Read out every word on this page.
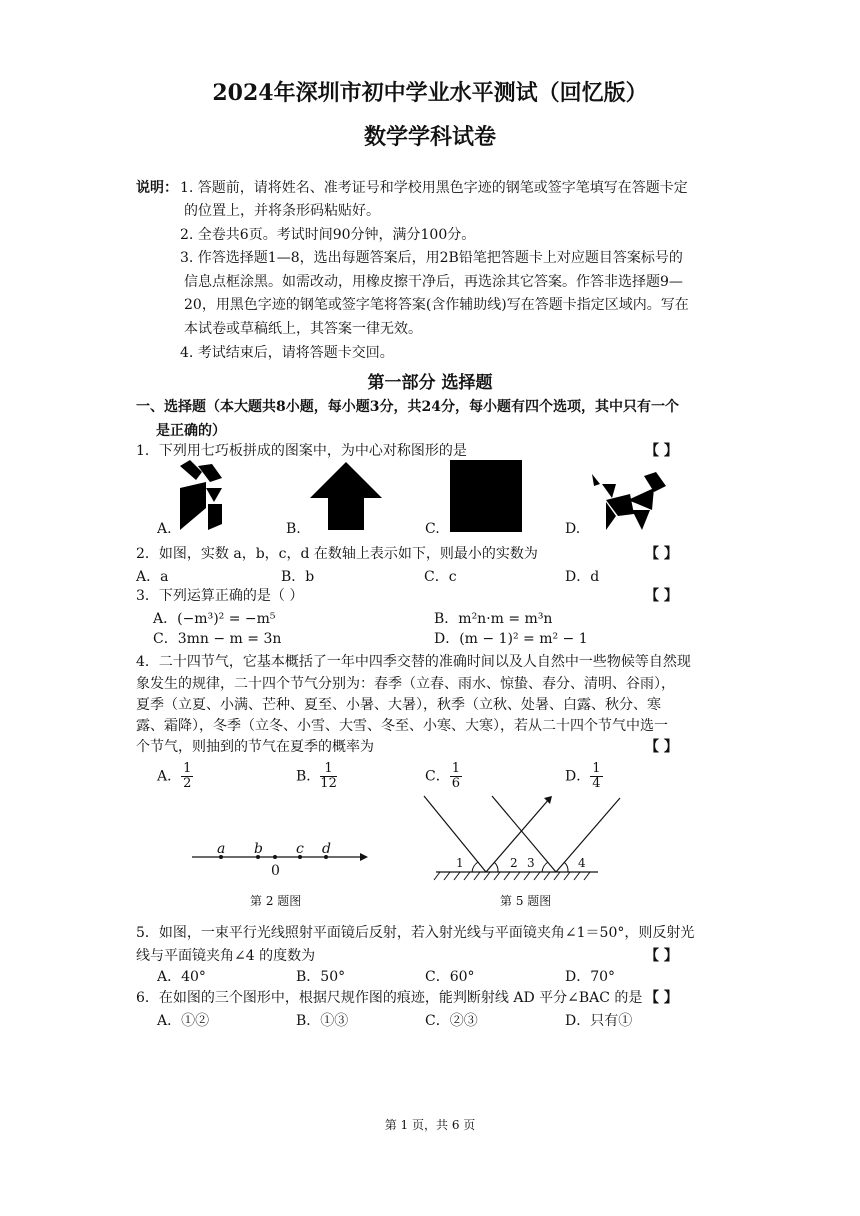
2024年深圳市初中学业水平测试（回忆版）
数学学科试卷
说明： 1. 答题前，请将姓名、准考证号和学校用黑色字迹的钢笔或签字笔填写在答题卡定
的位置上，并将条形码粘贴好。
2. 全卷共6页。考试时间90分钟，满分100分。
3. 作答选择题1—8，选出每题答案后，用2B铅笔把答题卡上对应题目答案标号的
信息点框涂黑。如需改动，用橡皮擦干净后，再选涂其它答案。作答非选择题9—
20，用黑色字迹的钢笔或签字笔将答案(含作辅助线)写在答题卡指定区域内。写在
本试卷或草稿纸上，其答案一律无效。
4. 考试结束后，请将答题卡交回。
第一部分 选择题
一、选择题（本大题共8小题，每小题3分，共24分，每小题有四个选项，其中只有一个
是正确的）
1．下列用七巧板拼成的图案中，为中心对称图形的是	【 】
A.	B.	C.	D.
2．如图，实数 a，b，c，d 在数轴上表示如下，则最小的实数为	【 】
A．a	B．b	C．c	D．d
3．下列运算正确的是（ ）	【 】
A．(−m³)² = −m⁵	B．m²n·m = m³n
C．3mn − m = 3n	D．(m − 1)² = m² − 1
4．二十四节气，它基本概括了一年中四季交替的准确时间以及人自然中一些物候等自然现
象发生的规律，二十四个节气分别为：春季（立春、雨水、惊蛰、春分、清明、谷雨），
夏季（立夏、小满、芒种、夏至、小暑、大暑），秋季（立秋、处暑、白露、秋分、寒
露、霜降），冬季（立冬、小雪、大雪、冬至、小寒、大寒），若从二十四个节气中选一
个节气，则抽到的节气在夏季的概率为	【 】
A． $\frac{1}{2}$	B． $\frac{1}{12}$	C． $\frac{1}{6}$	D． $\frac{1}{4}$
a b c d
0
第 2 题图
1	2 3	4
第 5 题图
5．如图，一束平行光线照射平面镜后反射，若入射光线与平面镜夹角∠1＝50°，则反射光
线与平面镜夹角∠4 的度数为	【 】
A．40°	B．50°	C．60°	D．70°
6．在如图的三个图形中，根据尺规作图的痕迹，能判断射线 AD 平分∠BAC 的是 【 】
A．①②	B．①③	C．②③	D．只有①
第 1 页，共 6 页
